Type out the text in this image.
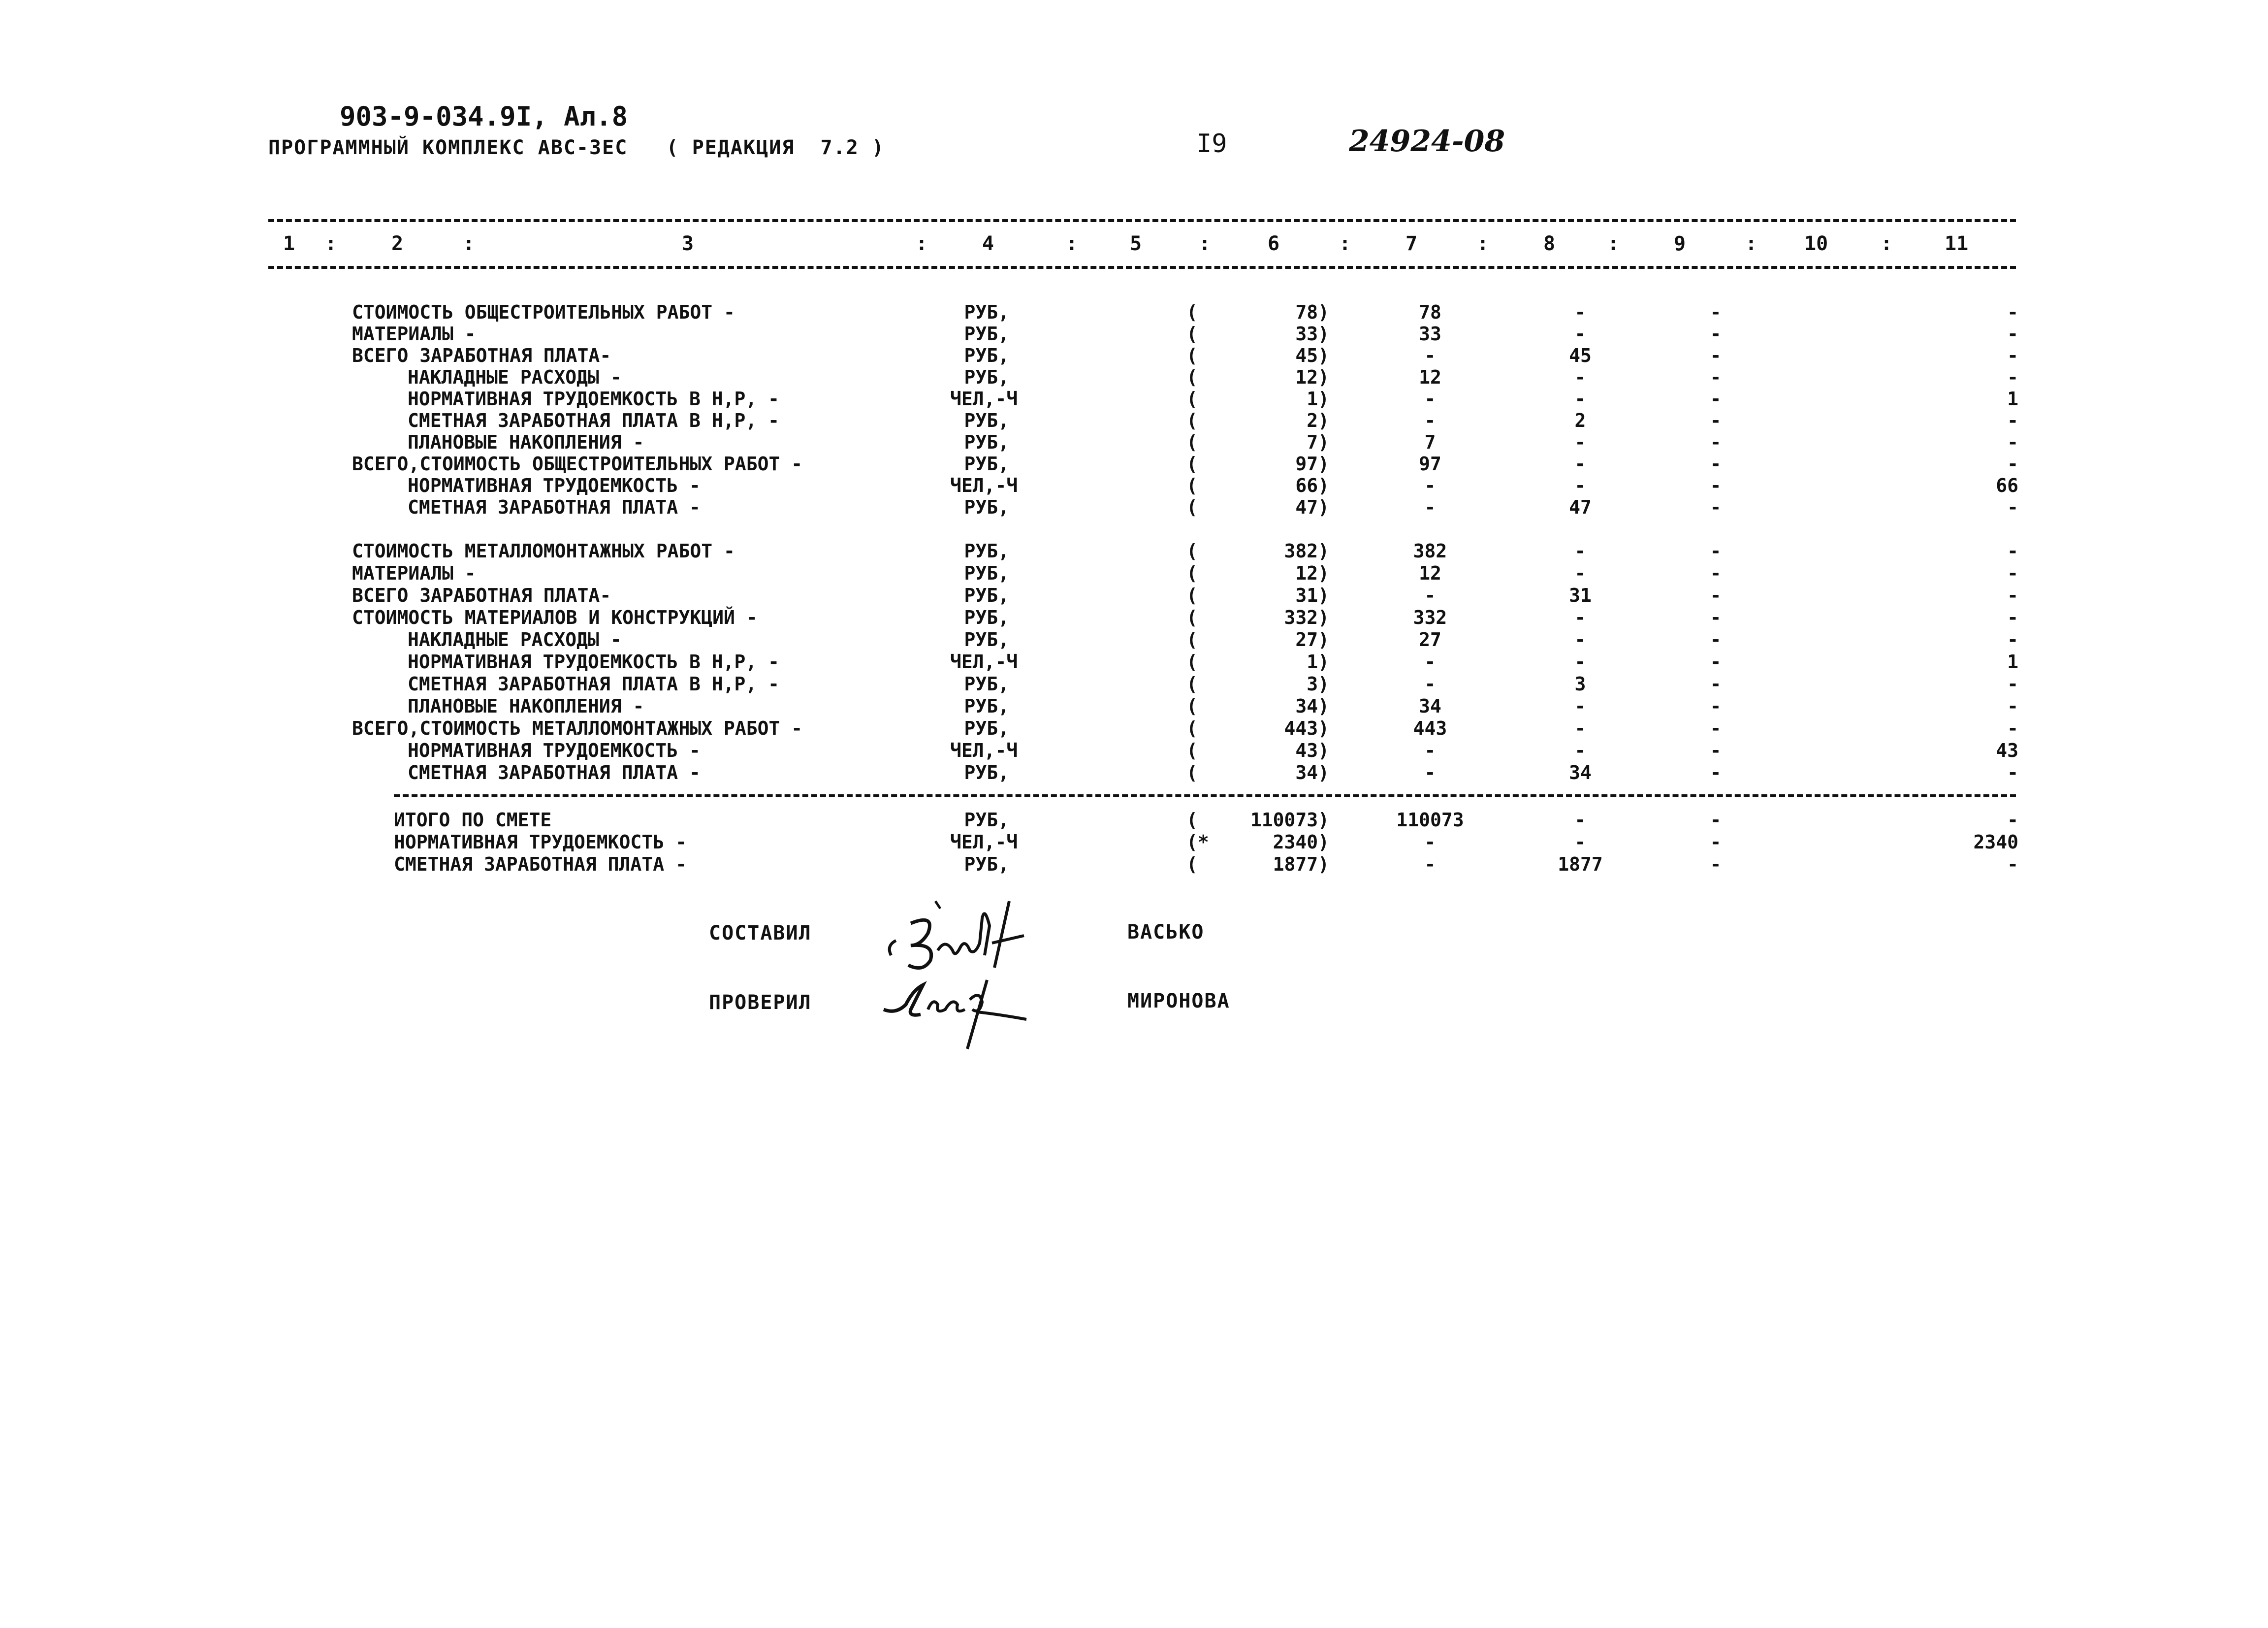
903-9-034.9I, Ал.8
ПРОГРАММНЫЙ КОМПЛЕКС АВС-3ЕС   ( РЕДАКЦИЯ  7.2 )	I9	24924-08
1 :	2	:	3	:	4	:	5	:	6	:	7	:	8	:	9	: 10	:	11
СТОИМОСТЬ ОБЩЕСТРОИТЕЛЬНЫХ РАБОТ -	РУБ,	(	78)	78	-	-	-
МАТЕРИАЛЫ -	РУБ,	(	33)	33	-	-	-
ВСЕГО ЗАРАБОТНАЯ ПЛАТА-	РУБ,	(	45)	-	45	-	-
НАКЛАДНЫЕ РАСХОДЫ -	РУБ,	(	12)	12	-	-	-
НОРМАТИВНАЯ ТРУДОЕМКОСТЬ В Н,Р, -	ЧЕЛ,-Ч	(	1)	-	-	-	1
СМЕТНАЯ ЗАРАБОТНАЯ ПЛАТА В Н,Р, -	РУБ,	(	2)	-	2	-	-
ПЛАНОВЫЕ НАКОПЛЕНИЯ -	РУБ,	(	7)	7	-	-	-
ВСЕГО,СТОИМОСТЬ ОБЩЕСТРОИТЕЛЬНЫХ РАБОТ -	РУБ,	(	97)	97	-	-	-
НОРМАТИВНАЯ ТРУДОЕМКОСТЬ -	ЧЕЛ,-Ч	(	66)	-	-	-	66
СМЕТНАЯ ЗАРАБОТНАЯ ПЛАТА -	РУБ,	(	47)	-	47	-	-
СТОИМОСТЬ МЕТАЛЛОМОНТАЖНЫХ РАБОТ -	РУБ,	(	382)	382	-	-	-
МАТЕРИАЛЫ -	РУБ,	(	12)	12	-	-	-
ВСЕГО ЗАРАБОТНАЯ ПЛАТА-	РУБ,	(	31)	-	31	-	-
СТОИМОСТЬ МАТЕРИАЛОВ И КОНСТРУКЦИЙ -	РУБ,	(	332)	332	-	-	-
НАКЛАДНЫЕ РАСХОДЫ -	РУБ,	(	27)	27	-	-	-
НОРМАТИВНАЯ ТРУДОЕМКОСТЬ В Н,Р, -	ЧЕЛ,-Ч	(	1)	-	-	-	1
СМЕТНАЯ ЗАРАБОТНАЯ ПЛАТА В Н,Р, -	РУБ,	(	3)	-	3	-	-
ПЛАНОВЫЕ НАКОПЛЕНИЯ -	РУБ,	(	34)	34	-	-	-
ВСЕГО,СТОИМОСТЬ МЕТАЛЛОМОНТАЖНЫХ РАБОТ -	РУБ,	(	443)	443	-	-	-
НОРМАТИВНАЯ ТРУДОЕМКОСТЬ -	ЧЕЛ,-Ч	(	43)	-	-	-	43
СМЕТНАЯ ЗАРАБОТНАЯ ПЛАТА -	РУБ,	(	34)	-	34	-	-
ИТОГО ПО СМЕТЕ	РУБ,	(	110073)	110073	-	-	-
НОРМАТИВНАЯ ТРУДОЕМКОСТЬ -	ЧЕЛ,-Ч	(*	2340)	-	-	-	2340
СМЕТНАЯ ЗАРАБОТНАЯ ПЛАТА -	РУБ,	(	1877)	-	1877	-	-
СОСТАВИЛ	ВАСЬКО
ПРОВЕРИЛ	МИРОНОВА
